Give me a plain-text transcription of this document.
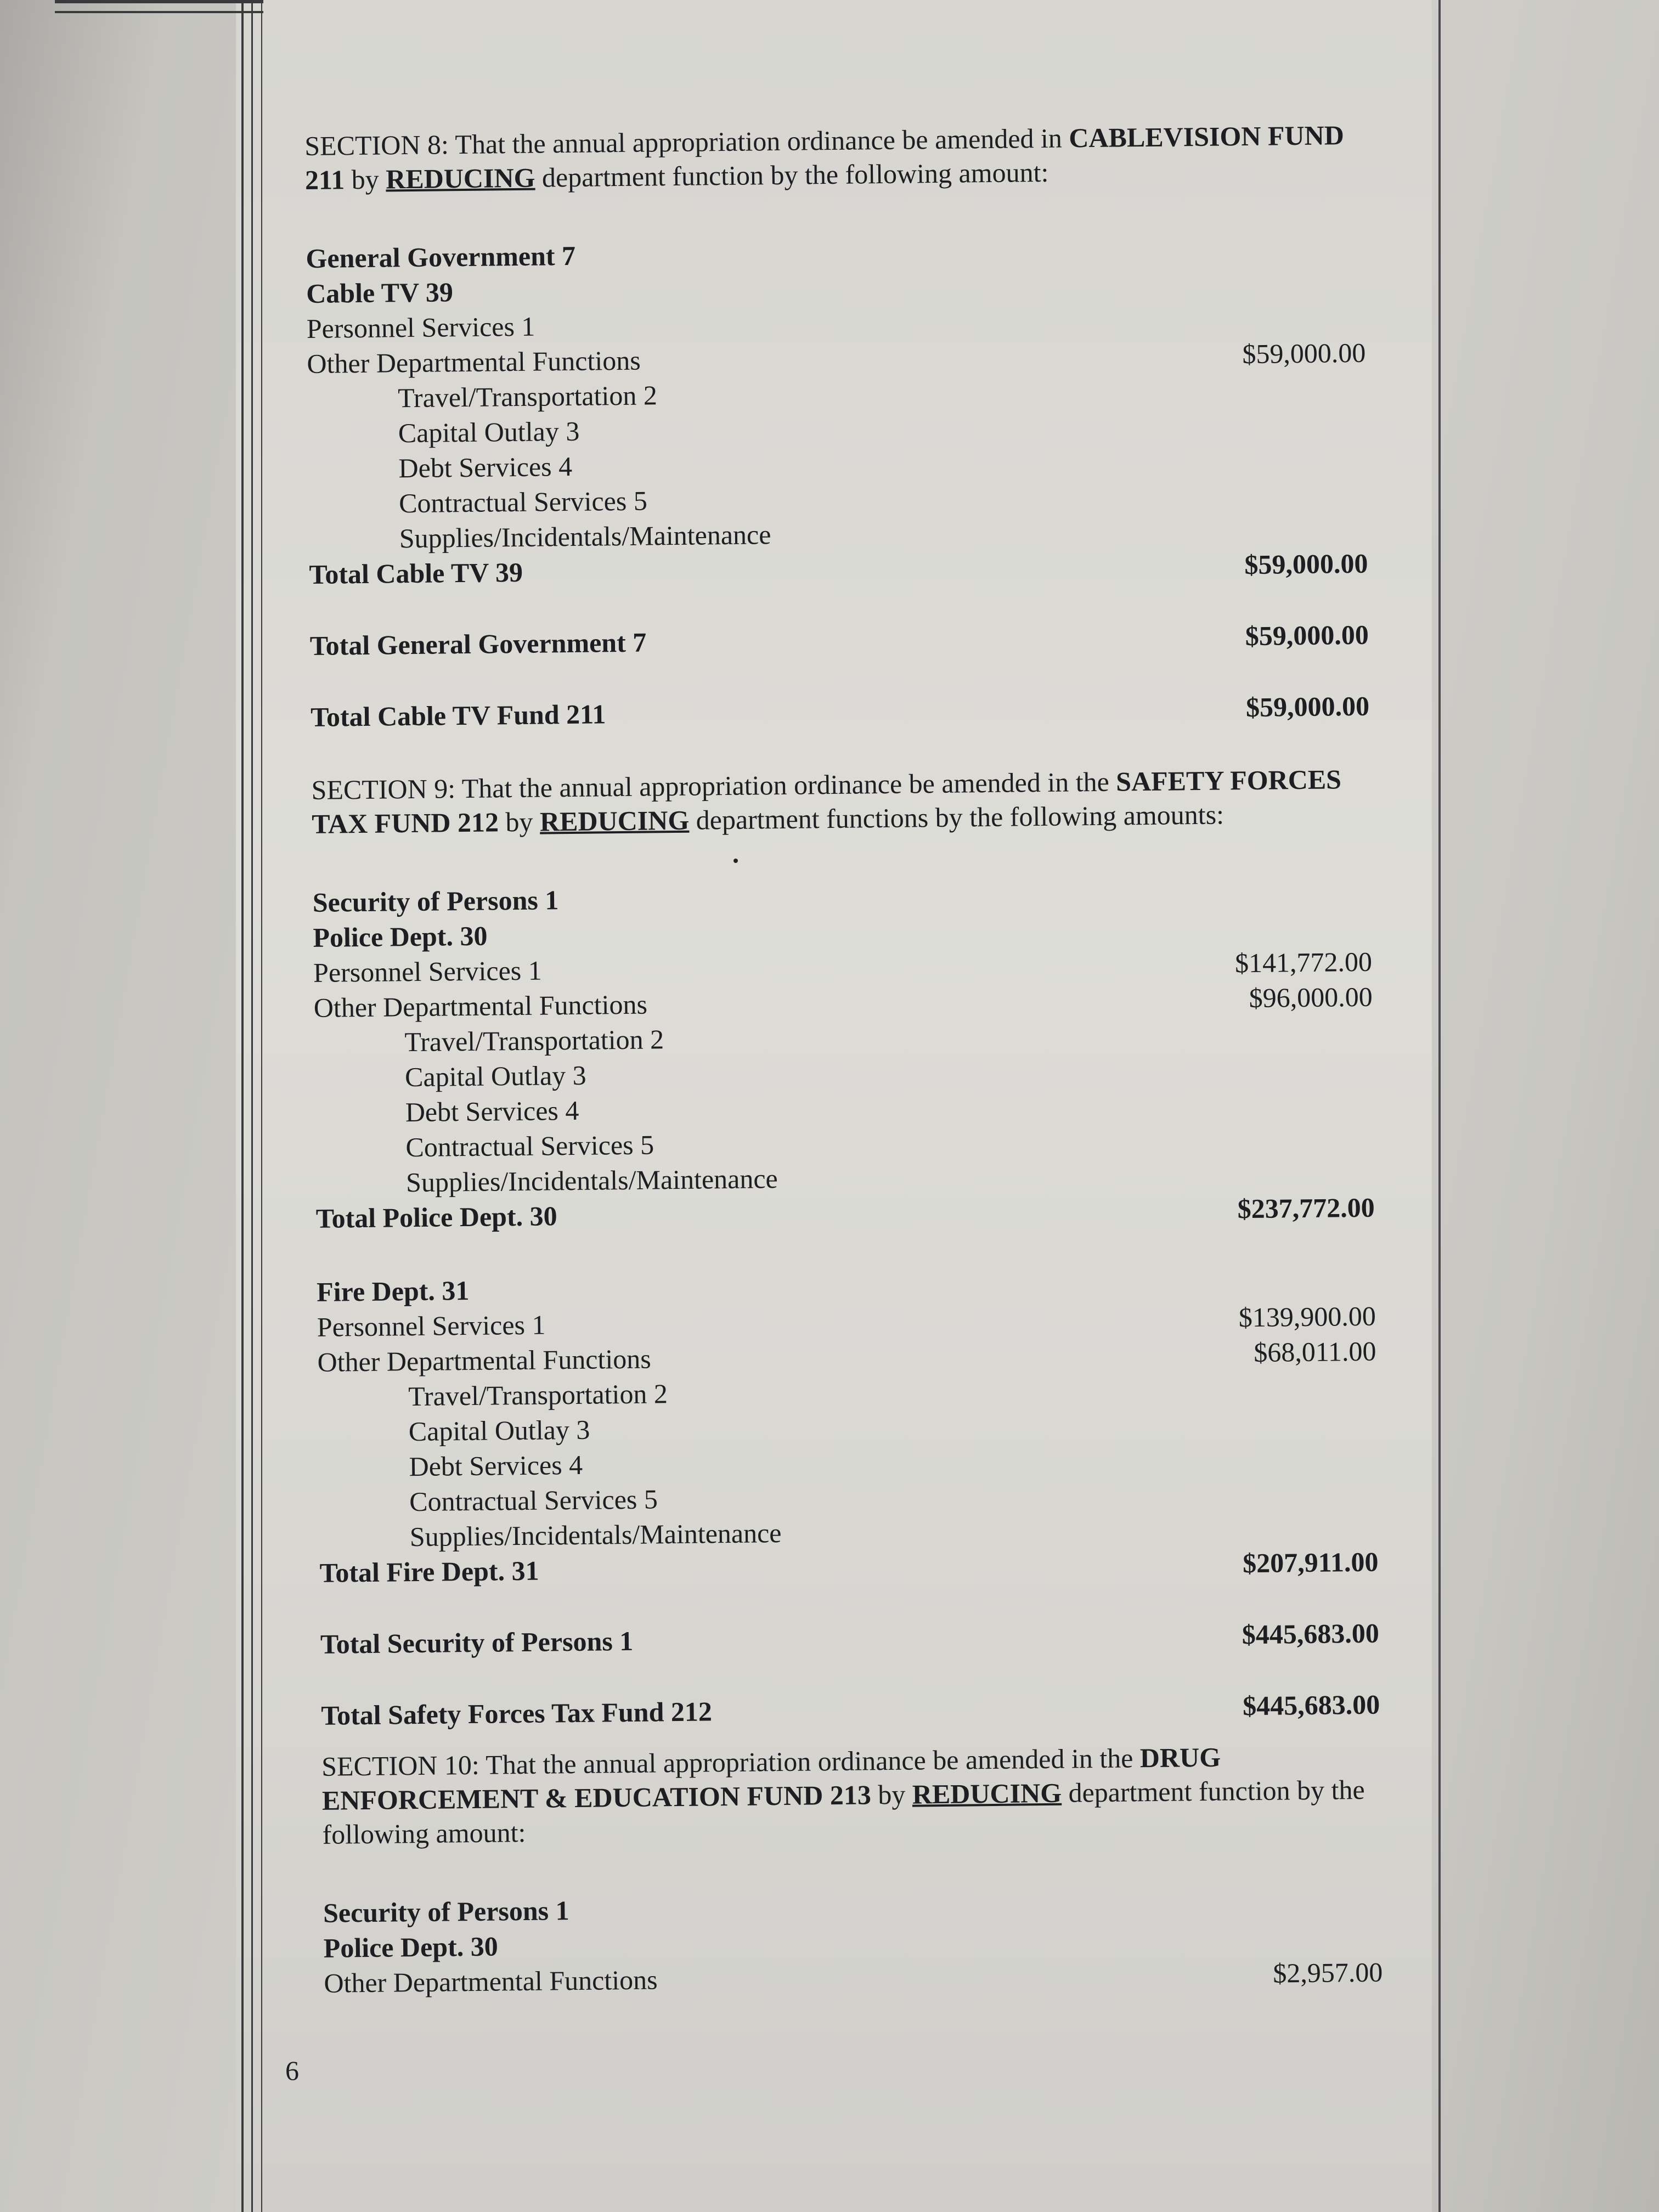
SECTION 8: That the annual appropriation ordinance be amended in CABLEVISION FUND 211 by REDUCING department function by the following amount:

General Government 7
Cable TV 39
Personnel Services 1
Other Departmental Functions	$59,000.00
Travel/Transportation 2
Capital Outlay 3
Debt Services 4
Contractual Services 5
Supplies/Incidentals/Maintenance
Total Cable TV 39	$59,000.00
Total General Government 7	$59,000.00
Total Cable TV Fund 211	$59,000.00

SECTION 9: That the annual appropriation ordinance be amended in the SAFETY FORCES TAX FUND 212 by REDUCING department functions by the following amounts:

Security of Persons 1
Police Dept. 30
Personnel Services 1	$141,772.00
Other Departmental Functions	$96,000.00
Travel/Transportation 2
Capital Outlay 3
Debt Services 4
Contractual Services 5
Supplies/Incidentals/Maintenance
Total Police Dept. 30	$237,772.00
Fire Dept. 31
Personnel Services 1	$139,900.00
Other Departmental Functions	$68,011.00
Travel/Transportation 2
Capital Outlay 3
Debt Services 4
Contractual Services 5
Supplies/Incidentals/Maintenance
Total Fire Dept. 31	$207,911.00
Total Security of Persons 1	$445,683.00
Total Safety Forces Tax Fund 212	$445,683.00

SECTION 10: That the annual appropriation ordinance be amended in the DRUG ENFORCEMENT & EDUCATION FUND 213 by REDUCING department function by the following amount:

Security of Persons 1
Police Dept. 30
Other Departmental Functions	$2,957.00
6
